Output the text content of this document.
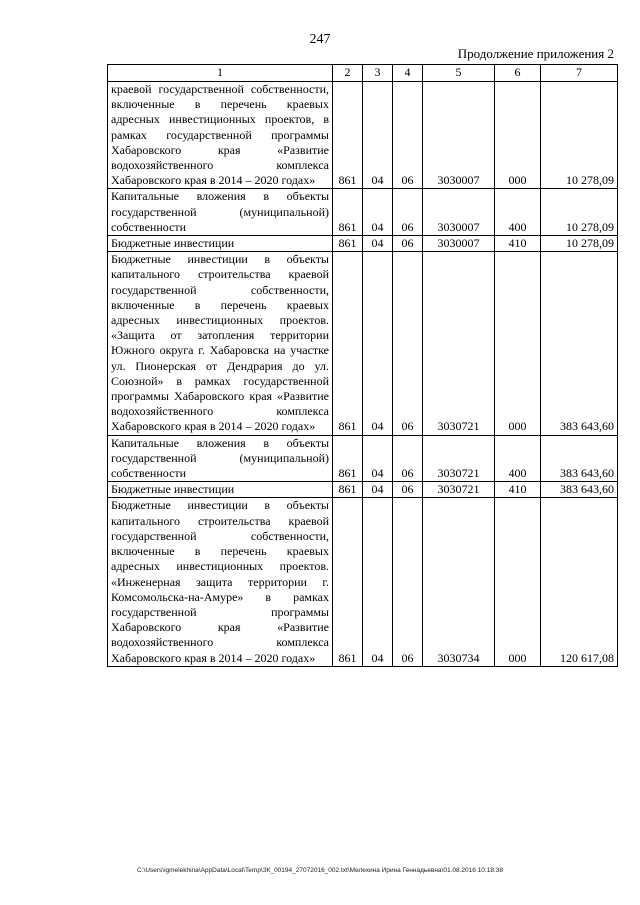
247
Продолжение приложения 2
1	2	3	4	5	6	7
краевой государственной собственности, включенные в перечень краевых адресных инвестиционных проектов, в рамках государственной программы Хабаровского края «Развитие водохозяйственного комплекса Хабаровского края в 2014 – 2020 годах»	861	04	06	3030007	000	10 278,09
Капитальные вложения в объекты государственной (муниципальной) собственности	861	04	06	3030007	400	10 278,09
Бюджетные инвестиции	861	04	06	3030007	410	10 278,09
Бюджетные инвестиции в объекты капитального строительства краевой государственной собственности, включенные в перечень краевых адресных инвестиционных проектов. «Защита от затопления территории Южного округа г. Хабаровска на участке ул. Пионерская от Дендрария до ул. Союзной» в рамках государственной программы Хабаровского края «Развитие водохозяйственного комплекса Хабаровского края в 2014 – 2020 годах»	861	04	06	3030721	000	383 643,60
Капитальные вложения в объекты государственной (муниципальной) собственности	861	04	06	3030721	400	383 643,60
Бюджетные инвестиции	861	04	06	3030721	410	383 643,60
Бюджетные инвестиции в объекты капитального строительства краевой государственной собственности, включенные в перечень краевых адресных инвестиционных проектов. «Инженерная защита территории г. Комсомольска-на-Амуре» в рамках государственной программы Хабаровского края «Развитие водохозяйственного комплекса Хабаровского края в 2014 – 2020 годах»	861	04	06	3030734	000	120 617,08
C:\Users\igmelekhina\AppData\Local\Temp\ЗК_00194_27072016_002.txt\Мелехина Ирина Геннадьевна\01.08.2016 10:18:38
